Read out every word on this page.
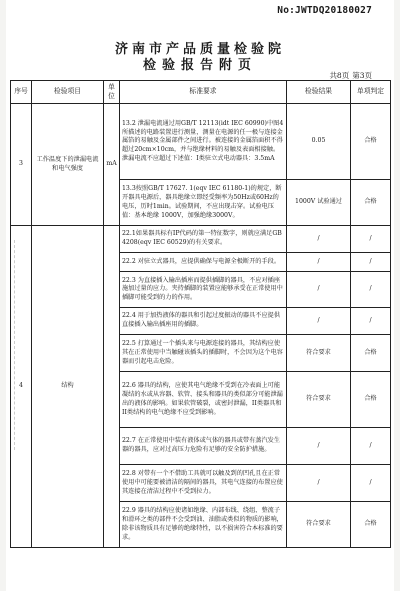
No:JWTDQ20180027
济南市产品质量检验院
检验报告附页
共8页 第3页
序号	检验项目	单位	标准要求	检验结果	单项判定
3	工作温度下的泄漏电流和电气强度	mA	13.2 泄漏电流通过用GB/T 12113(idt IEC 60990)中图4所描述的电路装置进行测量，测量在电源的任一极与连接金属箔的易触及金属部件之间进行。被连接的金属箔面积不得超过20cm×10cm，并与绝缘材料的易触及表面相接触。泄漏电流不应超过下述值：I类驻立式电动器具：3.5mA	0.05	合格
			13.3按照GB/T 17627. 1(eqv IEC 61180-1)的规定，断开器具电源后，器具绝缘立即经受频率为50Hz或60Hz的电压，历时1min。试验期间，不应出现击穿。试验电压值：基本绝缘 1000V，加强绝缘3000V。	1000V 试验通过	合格
4	结构		22.1如果器具标有IP代码的第一特征数字，则就应满足GB 4208(eqv IEC 60529)的有关要求。	/	/
			22.2 对驻立式器具，应提供确保与电源全极断开的手段。	/	/
			22.3 为直接插入输出插座而提供插脚的器具，不应对插座施加过量的应力。夹持插脚的装置应能够承受在正常使用中插脚可能受到的力的作用。	/	/
			22.4 用于加热液体的器具和引起过度振动的器具不应提供直接插入输出插座用的插脚。	/	/
			22.5 打算通过一个插头来与电源连接的器具，其结构应使其在正常使用中当触碰该插头的插脚时，不会因为这个电容器而引起电击危险。	符合要求	合格
			22.6 器具的结构，应使其电气绝缘不受到在冷表面上可能凝结的水或从容器、软管、接头和器具的类似部分可能泄漏出的液体的影响。如果软管破裂，或密封泄漏，II类器具和II类结构的电气绝缘不应受到影响。	符合要求	合格
			22.7 在正常使用中装有液体或气体的器具或带有蒸汽发生器的器具，应对过高压力危险有足够的安全防护措施。	/	/
			22.8 对带有一个不借助工具就可以触及到的凹孔且在正常使用中可能要被清洁的隔间的器具，其电气连接的布置应使其连接在清洁过程中不受到拉力。	/	/
			22.9 器具的结构应使诸如绝缘、内部布线、绕组、整流子和滑环之类的部件不会受到油、油脂或类似的物质的影响，除非该物质具有足够的绝缘特性，以不损害符合本标准的要求。	符合要求	合格
